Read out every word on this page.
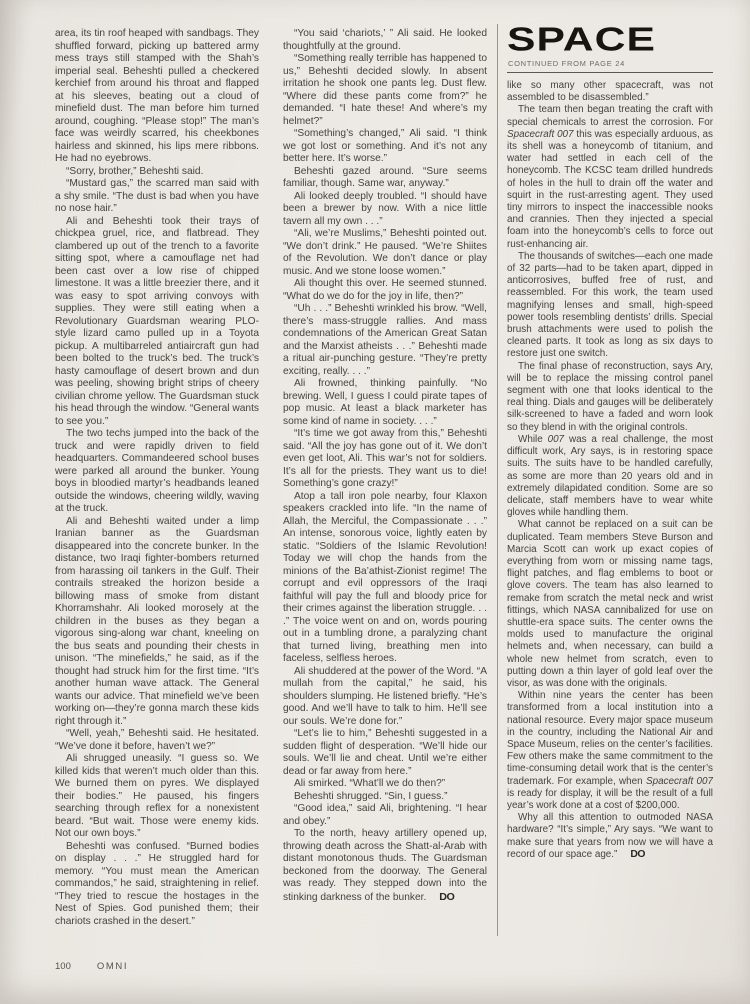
area, its tin roof heaped with sandbags. They shuffled forward, picking up battered army mess trays still stamped with the Shah’s imperial seal. Beheshti pulled a checkered kerchief from around his throat and flapped at his sleeves, beating out a cloud of minefield dust. The man before him turned around, coughing. “Please stop!” The man’s face was weirdly scarred, his cheekbones hairless and skinned, his lips mere ribbons. He had no eyebrows.

“Sorry, brother,” Beheshti said.

“Mustard gas,” the scarred man said with a shy smile. “The dust is bad when you have no nose hair.”

Ali and Beheshti took their trays of chickpea gruel, rice, and flatbread. They clambered up out of the trench to a favorite sitting spot, where a camouflage net had been cast over a low rise of chipped limestone. It was a little breezier there, and it was easy to spot arriving convoys with supplies. They were still eating when a Revolutionary Guardsman wearing PLO-style lizard camo pulled up in a Toyota pickup. A multibarreled antiaircraft gun had been bolted to the truck’s bed. The truck’s hasty camouflage of desert brown and dun was peeling, showing bright strips of cheery civilian chrome yellow. The Guardsman stuck his head through the window. “General wants to see you.”

The two techs jumped into the back of the truck and were rapidly driven to field headquarters. Commandeered school buses were parked all around the bunker. Young boys in bloodied martyr’s headbands leaned outside the windows, cheering wildly, waving at the truck.

Ali and Beheshti waited under a limp Iranian banner as the Guardsman disappeared into the concrete bunker. In the distance, two Iraqi fighter-bombers returned from harassing oil tankers in the Gulf. Their contrails streaked the horizon beside a billowing mass of smoke from distant Khorramshahr. Ali looked morosely at the children in the buses as they began a vigorous sing-along war chant, kneeling on the bus seats and pounding their chests in unison. “The minefields,” he said, as if the thought had struck him for the first time. “It’s another human wave attack. The General wants our advice. That minefield we’ve been working on—they’re gonna march these kids right through it.”

“Well, yeah,” Beheshti said. He hesitated. “We’ve done it before, haven’t we?”

Ali shrugged uneasily. “I guess so. We killed kids that weren’t much older than this. We burned them on pyres. We displayed their bodies.” He paused, his fingers searching through reflex for a nonexistent beard. “But wait. Those were enemy kids. Not our own boys.”

Beheshti was confused. “Burned bodies on display . . .” He struggled hard for memory. “You must mean the American commandos,” he said, straightening in relief. “They tried to rescue the hostages in the Nest of Spies. God punished them; their chariots crashed in the desert.”

“You said ‘chariots,’ ” Ali said. He looked thoughtfully at the ground.

“Something really terrible has happened to us,” Beheshti decided slowly. In absent irritation he shook one pants leg. Dust flew. “Where did these pants come from?” he demanded. “I hate these! And where’s my helmet?”

“Something’s changed,” Ali said. “I think we got lost or something. And it’s not any better here. It’s worse.”

Beheshti gazed around. “Sure seems familiar, though. Same war, anyway.”

Ali looked deeply troubled. “I should have been a brewer by now. With a nice little tavern all my own . . .”

“Ali, we’re Muslims,” Beheshti pointed out. “We don’t drink.” He paused. “We’re Shiites of the Revolution. We don’t dance or play music. And we stone loose women.”

Ali thought this over. He seemed stunned. “What do we do for the joy in life, then?”

“Uh . . .” Beheshti wrinkled his brow. “Well, there’s mass-struggle rallies. And mass condemnations of the American Great Satan and the Marxist atheists . . .” Beheshti made a ritual air-punching gesture. “They’re pretty exciting, really. . . .”

Ali frowned, thinking painfully. “No brewing. Well, I guess I could pirate tapes of pop music. At least a black marketer has some kind of name in society. . . .”

“It’s time we got away from this,” Beheshti said. “All the joy has gone out of it. We don’t even get loot, Ali. This war’s not for soldiers. It’s all for the priests. They want us to die! Something’s gone crazy!”

Atop a tall iron pole nearby, four Klaxon speakers crackled into life. “In the name of Allah, the Merciful, the Compassionate . . .” An intense, sonorous voice, lightly eaten by static. “Soldiers of the Islamic Revolution! Today we will chop the hands from the minions of the Ba’athist-Zionist regime! The corrupt and evil oppressors of the Iraqi faithful will pay the full and bloody price for their crimes against the liberation struggle. . . .” The voice went on and on, words pouring out in a tumbling drone, a paralyzing chant that turned living, breathing men into faceless, selfless heroes.

Ali shuddered at the power of the Word. “A mullah from the capital,” he said, his shoulders slumping. He listened briefly. “He’s good. And we’ll have to talk to him. He’ll see our souls. We’re done for.”

“Let’s lie to him,” Beheshti suggested in a sudden flight of desperation. “We’ll hide our souls. We’ll lie and cheat. Until we’re either dead or far away from here.”

Ali smirked. “What’ll we do then?”

Beheshti shrugged. “Sin, I guess.”

“Good idea,” said Ali, brightening. “I hear and obey.”

To the north, heavy artillery opened up, throwing death across the Shatt-al-Arab with distant monotonous thuds. The Guardsman beckoned from the doorway. The General was ready. They stepped down into the stinking darkness of the bunker. DO

SPACE
CONTINUED FROM PAGE 24

like so many other spacecraft, was not assembled to be disassembled.”

The team then began treating the craft with special chemicals to arrest the corrosion. For Spacecraft 007 this was especially arduous, as its shell was a honeycomb of titanium, and water had settled in each cell of the honeycomb. The KCSC team drilled hundreds of holes in the hull to drain off the water and squirt in the rust-arresting agent. They used tiny mirrors to inspect the inaccessible nooks and crannies. Then they injected a special foam into the honeycomb’s cells to force out rust-enhancing air.

The thousands of switches—each one made of 32 parts—had to be taken apart, dipped in anticorrosives, buffed free of rust, and reassembled. For this work, the team used magnifying lenses and small, high-speed power tools resembling dentists’ drills. Special brush attachments were used to polish the cleaned parts. It took as long as six days to restore just one switch.

The final phase of reconstruction, says Ary, will be to replace the missing control panel segment with one that looks identical to the real thing. Dials and gauges will be deliberately silk-screened to have a faded and worn look so they blend in with the original controls.

While 007 was a real challenge, the most difficult work, Ary says, is in restoring space suits. The suits have to be handled carefully, as some are more than 20 years old and in extremely dilapidated condition. Some are so delicate, staff members have to wear white gloves while handling them.

What cannot be replaced on a suit can be duplicated. Team members Steve Burson and Marcia Scott can work up exact copies of everything from worn or missing name tags, flight patches, and flag emblems to boot or glove covers. The team has also learned to remake from scratch the metal neck and wrist fittings, which NASA cannibalized for use on shuttle-era space suits. The center owns the molds used to manufacture the original helmets and, when necessary, can build a whole new helmet from scratch, even to putting down a thin layer of gold leaf over the visor, as was done with the originals.

Within nine years the center has been transformed from a local institution into a national resource. Every major space museum in the country, including the National Air and Space Museum, relies on the center’s facilities. Few others make the same commitment to the time-consuming detail work that is the center’s trademark. For example, when Spacecraft 007 is ready for display, it will be the result of a full year’s work done at a cost of $200,000.

Why all this attention to outmoded NASA hardware? “It’s simple,” Ary says. “We want to make sure that years from now we will have a record of our space age.” DO

100	OMNI
